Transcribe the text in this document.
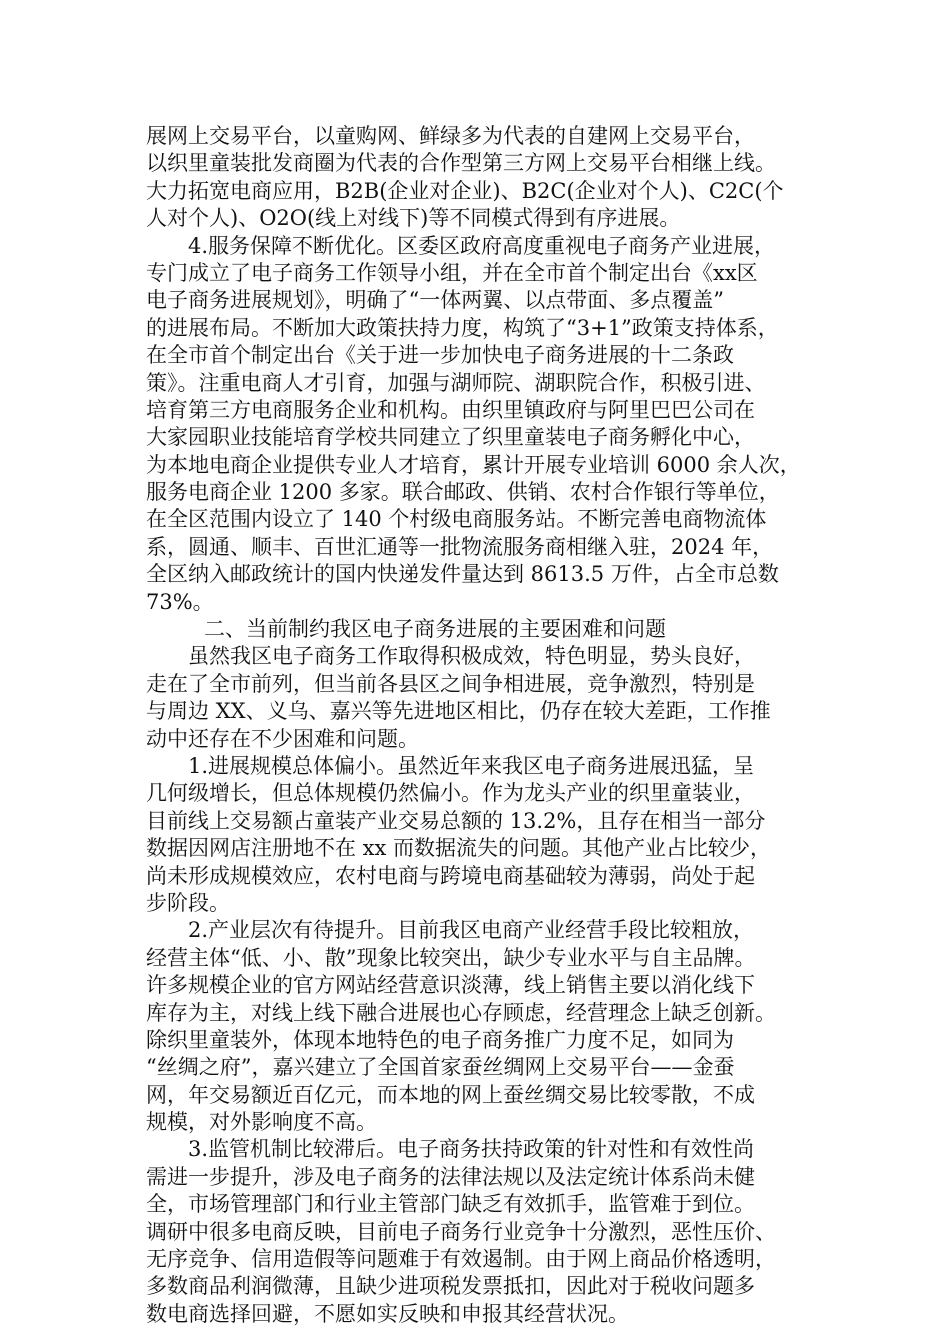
展网上交易平台，以童购网、鲜绿多为代表的自建网上交易平台，
以织里童装批发商圈为代表的合作型第三方网上交易平台相继上线。
大力拓宽电商应用，B2B(企业对企业)、B2C(企业对个人)、C2C(个
人对个人)、O2O(线上对线下)等不同模式得到有序进展。
4.服务保障不断优化。区委区政府高度重视电子商务产业进展，
专门成立了电子商务工作领导小组，并在全市首个制定出台《xx区
电子商务进展规划》，明确了“一体两翼、以点带面、多点覆盖”
的进展布局。不断加大政策扶持力度，构筑了“3+1”政策支持体系，
在全市首个制定出台《关于进一步加快电子商务进展的十二条政
策》。注重电商人才引育，加强与湖师院、湖职院合作，积极引进、
培育第三方电商服务企业和机构。由织里镇政府与阿里巴巴公司在
大家园职业技能培育学校共同建立了织里童装电子商务孵化中心，
为本地电商企业提供专业人才培育，累计开展专业培训 6000 余人次，
服务电商企业 1200 多家。联合邮政、供销、农村合作银行等单位，
在全区范围内设立了 140 个村级电商服务站。不断完善电商物流体
系，圆通、顺丰、百世汇通等一批物流服务商相继入驻，2024 年，
全区纳入邮政统计的国内快递发件量达到 8613.5 万件，占全市总数
73%。
二、当前制约我区电子商务进展的主要困难和问题
虽然我区电子商务工作取得积极成效，特色明显，势头良好，
走在了全市前列，但当前各县区之间争相进展，竞争激烈，特别是
与周边 XX、义乌、嘉兴等先进地区相比，仍存在较大差距，工作推
动中还存在不少困难和问题。
1.进展规模总体偏小。虽然近年来我区电子商务进展迅猛，呈
几何级增长，但总体规模仍然偏小。作为龙头产业的织里童装业，
目前线上交易额占童装产业交易总额的 13.2%，且存在相当一部分
数据因网店注册地不在 xx 而数据流失的问题。其他产业占比较少，
尚未形成规模效应，农村电商与跨境电商基础较为薄弱，尚处于起
步阶段。
2.产业层次有待提升。目前我区电商产业经营手段比较粗放，
经营主体“低、小、散”现象比较突出，缺少专业水平与自主品牌。
许多规模企业的官方网站经营意识淡薄，线上销售主要以消化线下
库存为主，对线上线下融合进展也心存顾虑，经营理念上缺乏创新。
除织里童装外，体现本地特色的电子商务推广力度不足，如同为
“丝绸之府”，嘉兴建立了全国首家蚕丝绸网上交易平台——金蚕
网，年交易额近百亿元，而本地的网上蚕丝绸交易比较零散，不成
规模，对外影响度不高。
3.监管机制比较滞后。电子商务扶持政策的针对性和有效性尚
需进一步提升，涉及电子商务的法律法规以及法定统计体系尚未健
全，市场管理部门和行业主管部门缺乏有效抓手，监管难于到位。
调研中很多电商反映，目前电子商务行业竞争十分激烈，恶性压价、
无序竞争、信用造假等问题难于有效遏制。由于网上商品价格透明，
多数商品利润微薄，且缺少进项税发票抵扣，因此对于税收问题多
数电商选择回避，不愿如实反映和申报其经营状况。
